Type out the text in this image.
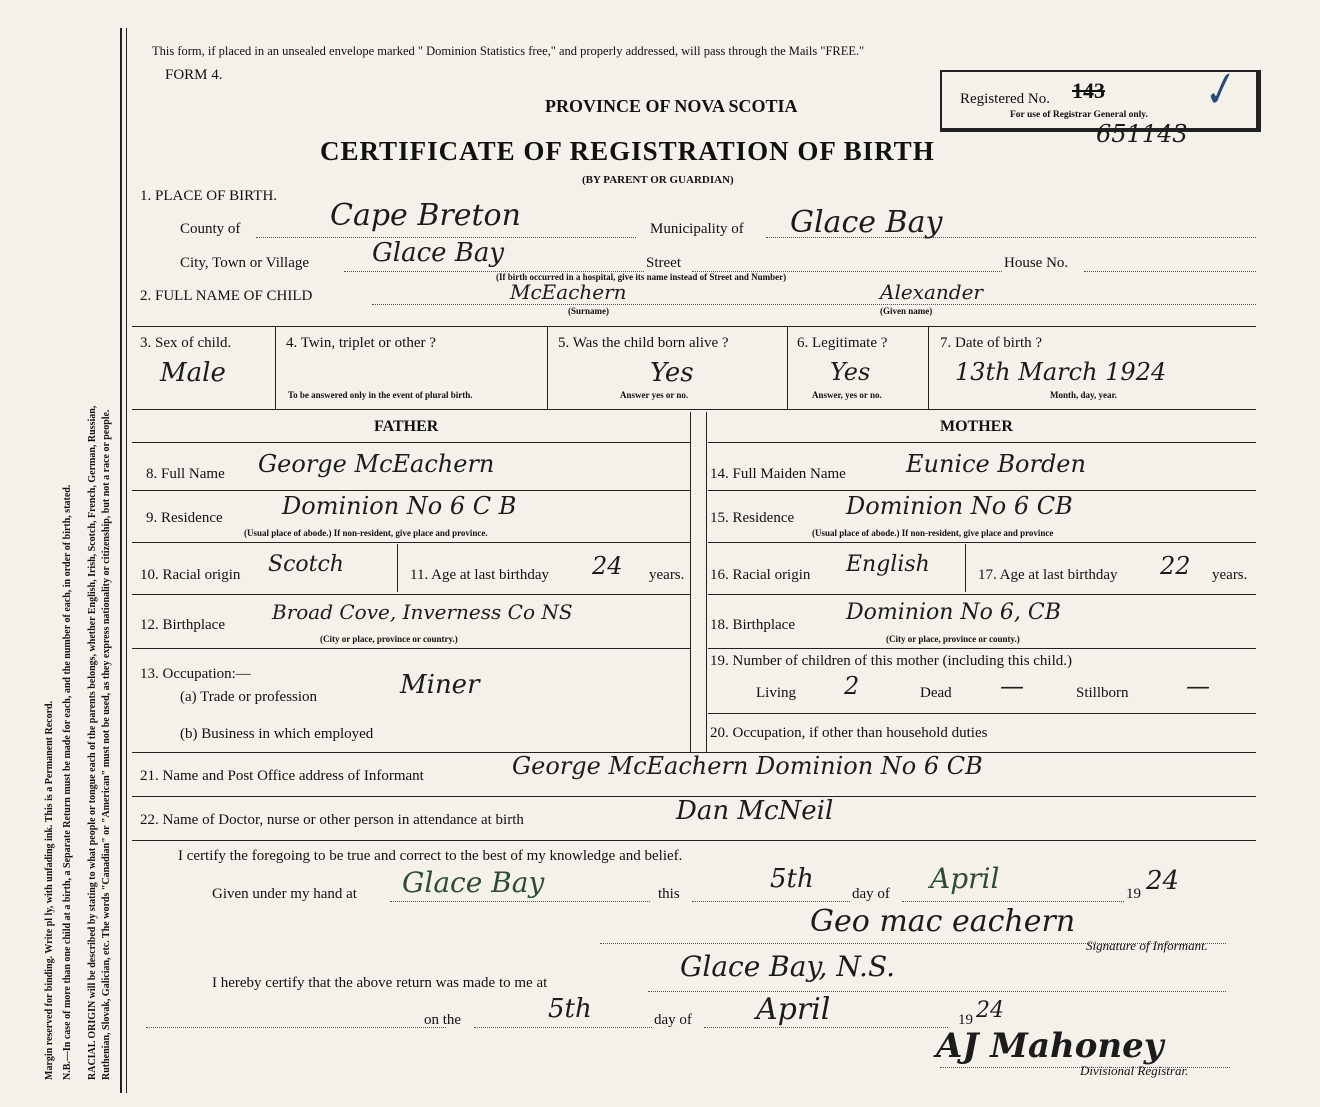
Margin reserved for binding. Write pl ly, with unfading ink. This is a Permanent Record. N.B.—In case of more than one child at a birth, a Separate Return must be made for each, and the number of each, in order of birth, stated. RACIAL ORIGIN will be described by stating to what people or tongue each of the parents belongs, whether English, Irish, Scotch, French, German, Russian, Ruthenian, Slovak, Galician, etc. The words "Canadian" or "American" must not be used, as they express nationality or citizenship, but not a race or people.
This form, if placed in an unsealed envelope marked " Dominion Statistics free," and properly addressed, will pass through the Mails "FREE."
FORM 4.
PROVINCE OF NOVA SCOTIA
CERTIFICATE OF REGISTRATION OF BIRTH
(BY PARENT OR GUARDIAN)
Registered No. 143
For use of Registrar General only. ✓
651143
1. PLACE OF BIRTH.
County of	Cape Breton	Municipality of Glace Bay
City, Town or Village Glace Bay	Street	House No.
(If birth occurred in a hospital, give its name instead of Street and Number)
2. FULL NAME OF CHILD	McEachern	Alexander
(Surname)	(Given name)
3. Sex of child.
Male
4. Twin, triplet or other ?
To be answered only in the event of plural birth.
5. Was the child born alive ?
Yes
Answer yes or no.
6. Legitimate ?
Yes
Answer, yes or no.
7. Date of birth ?
13th March 1924
Month, day, year.
FATHER	MOTHER
8. Full Name George McEachern
9. Residence Dominion No 6 C B
(Usual place of abode.) If non-resident, give place and province.
10. Racial origin Scotch	11. Age at last birthday 24 years.
12. Birthplace
Broad Cove, Inverness Co NS
(City or place, province or country.)
13. Occupation:—
(a) Trade or profession	Miner
(b) Business in which employed
14. Full Maiden Name	Eunice Borden
15. Residence Dominion No 6 CB
(Usual place of abode.) If non-resident, give place and province
16. Racial origin English	17. Age at last birthday 22 years.
18. Birthplace Dominion No 6, CB
(City or place, province or county.)
19. Number of children of this mother (including this child.)
Living 2	Dead —	Stillborn —
20. Occupation, if other than household duties
21. Name and Post Office address of Informant	George McEachern Dominion No 6 CB
22. Name of Doctor, nurse or other person in attendance at birth	Dan McNeil
I certify the foregoing to be true and correct to the best of my knowledge and belief.
Given under my hand at Glace Bay	this	5th	day of April	19 24
Geo mac eachern
Signature of Informant.
I hereby certify that the above return was made to me at	Glace Bay, N.S.
on the	5th	day of April	19 24
AJ Mahoney
Divisional Registrar.
